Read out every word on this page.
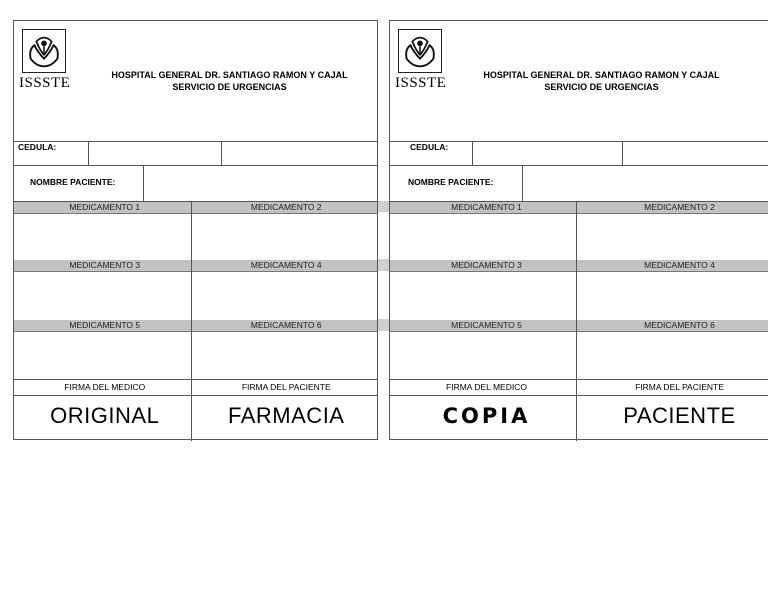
ISSSTE	HOSPITAL GENERAL DR. SANTIAGO RAMON Y CAJAL
SERVICIO DE URGENCIAS
CEDULA:
NOMBRE PACIENTE:
MEDICAMENTO 1	MEDICAMENTO 2
MEDICAMENTO 3	MEDICAMENTO 4
MEDICAMENTO 5	MEDICAMENTO 6
FIRMA DEL MEDICO	FIRMA DEL PACIENTE
ORIGINAL	FARMACIA
ISSSTE	HOSPITAL GENERAL DR. SANTIAGO RAMON Y CAJAL
SERVICIO DE URGENCIAS
CEDULA:
NOMBRE PACIENTE:
MEDICAMENTO 1	MEDICAMENTO 2
MEDICAMENTO 3	MEDICAMENTO 4
MEDICAMENTO 5	MEDICAMENTO 6
FIRMA DEL MEDICO	FIRMA DEL PACIENTE
COPIA	PACIENTE
